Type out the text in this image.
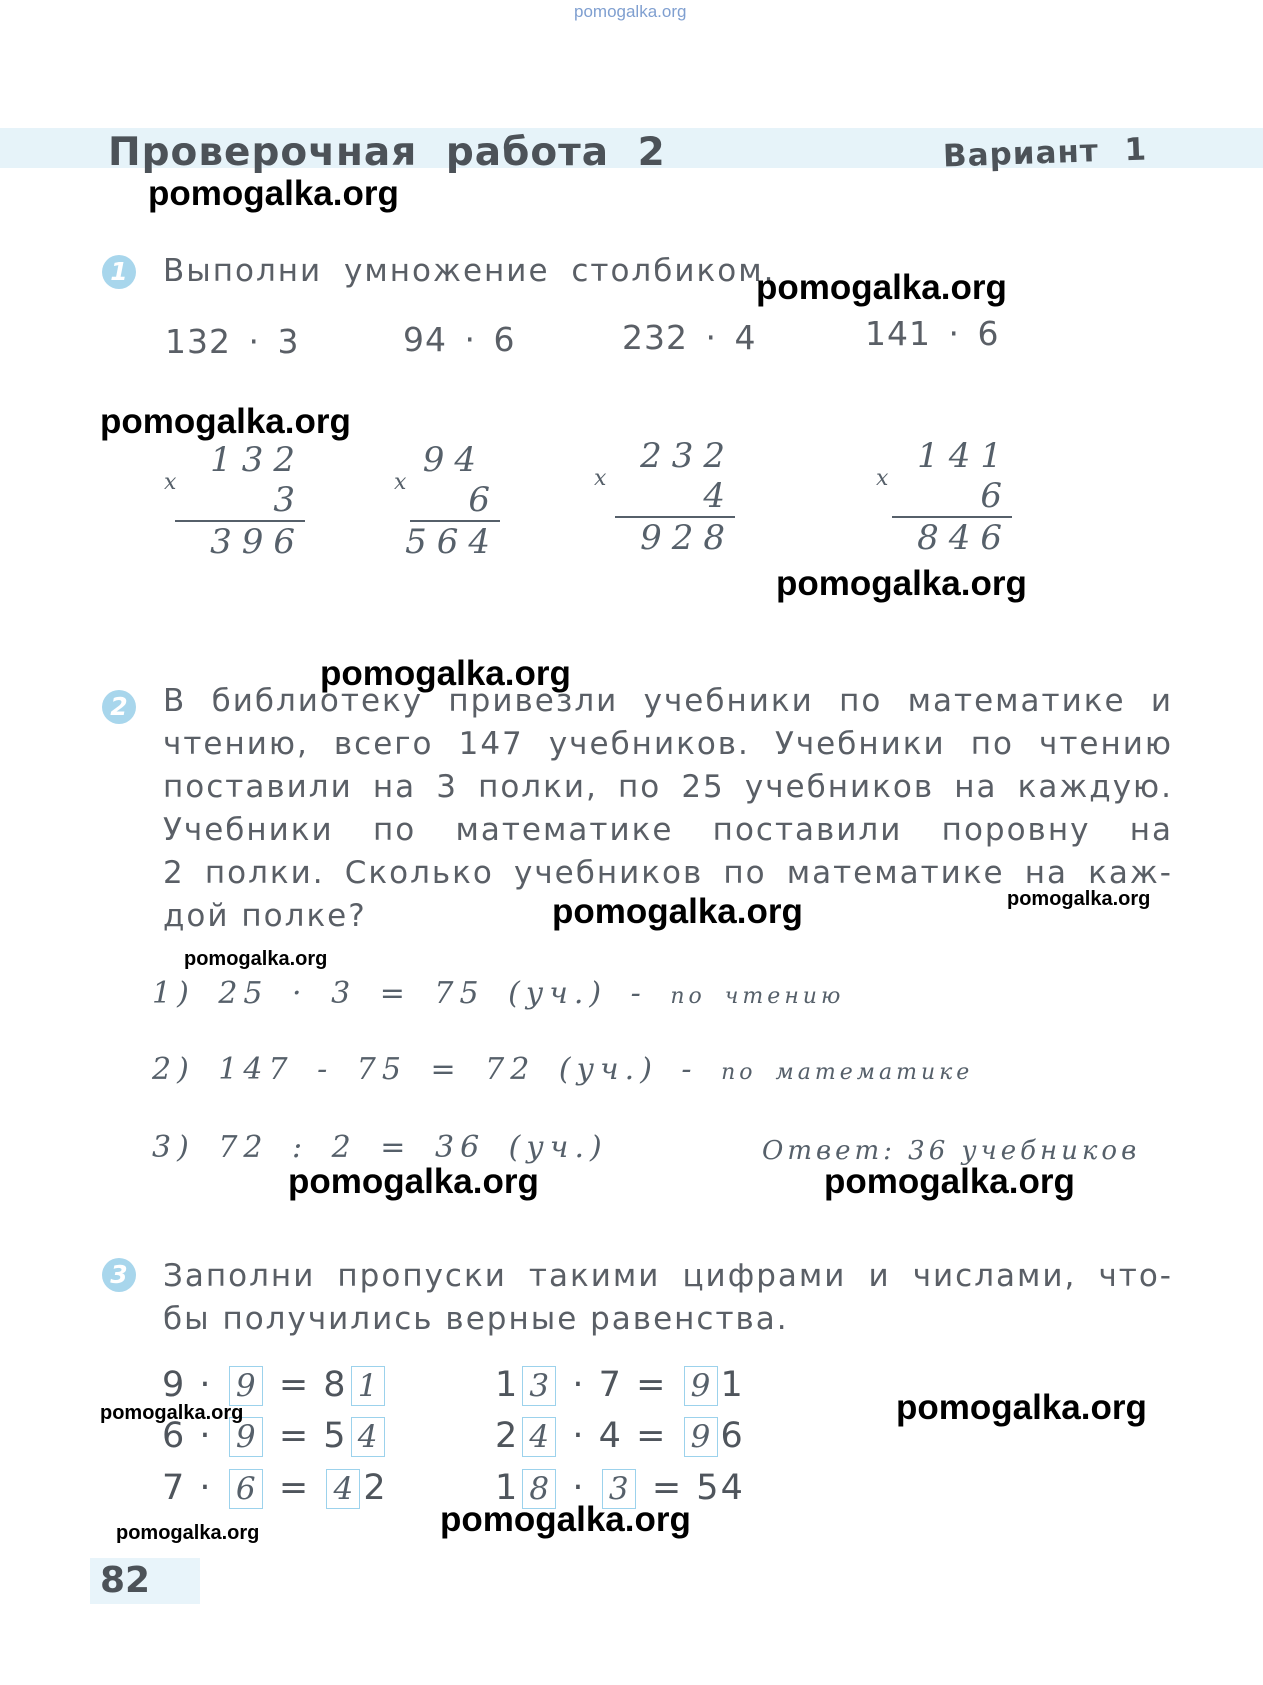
pomogalka.org
Проверочная работа 2	Вариант 1
pomogalka.org
1 Выполни умножение столбиком.
pomogalka.org
132 · 3	94 · 6	232 · 4	141 · 6
pomogalka.org
x
132
3
396
x
94
6
564
x
232
4
928
x
141
6
846
pomogalka.org
pomogalka.org
2 В библиотеку привезли учебники по математике и
чтению, всего 147 учебников. Учебники по чтению
поставили на 3 полки, по 25 учебников на каждую.
Учебники по математике поставили поровну на
2 полки. Сколько учебников по математике на каж-
дой полке?	pomogalka.org	pomogalka.org
pomogalka.org
1) 25 · 3 = 75 (уч.) - по чтению
2) 147 - 75 = 72 (уч.) - по математике
3) 72 : 2 = 36 (уч.)	Ответ: 36 учебников
pomogalka.org	pomogalka.org
3 Заполни пропуски такими цифрами и числами, что-
бы получились верные равенства.
9 · 9 = 8 1
6 · 9 = 5 4
7 · 6 = 4 2
1 3 · 7 = 9 1
2 4 · 4 = 9 6
1 8 · 3 = 54
pomogalka.org
pomogalka.org
pomogalka.org
pomogalka.org
82
